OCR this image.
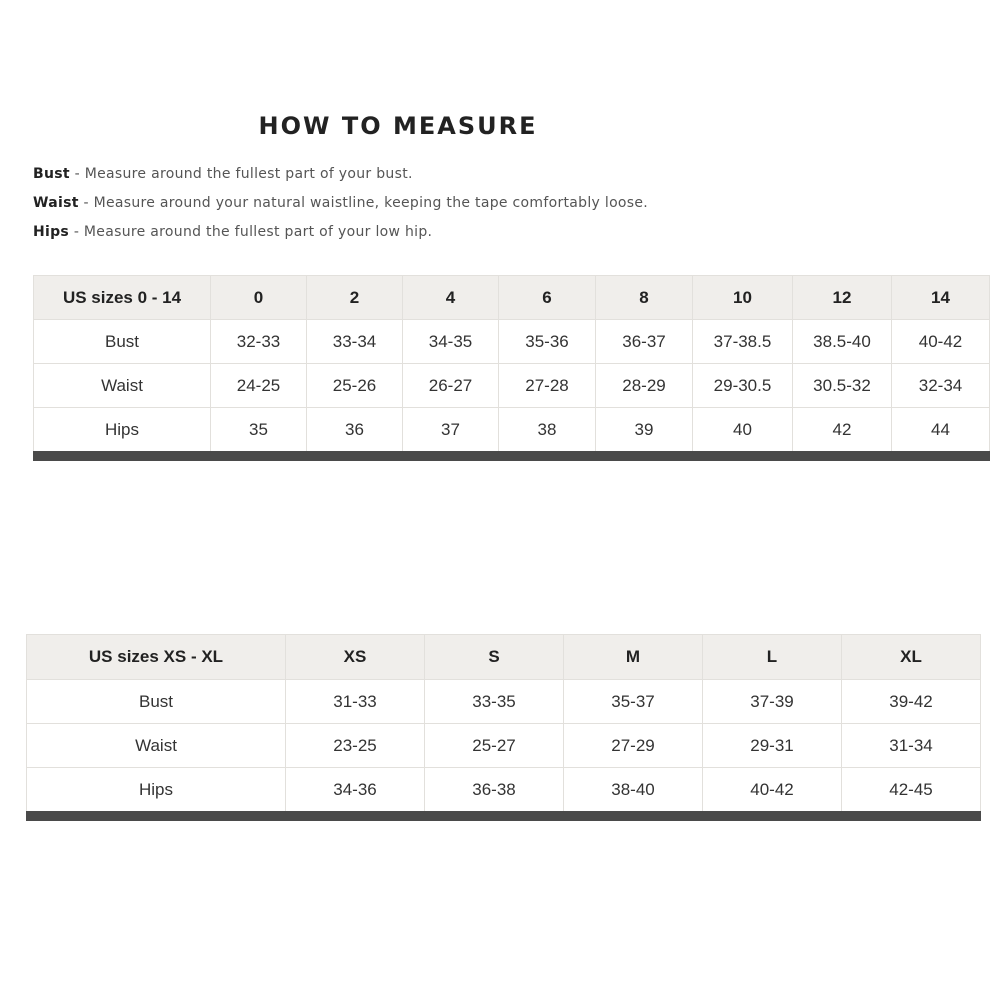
HOW TO MEASURE
Bust - Measure around the fullest part of your bust.
Waist - Measure around your natural waistline, keeping the tape comfortably loose.
Hips - Measure around the fullest part of your low hip.
US sizes 0 - 14	0	2	4	6	8	10	12	14
Bust	32-33	33-34	34-35	35-36	36-37	37-38.5	38.5-40	40-42
Waist	24-25	25-26	26-27	27-28	28-29	29-30.5	30.5-32	32-34
Hips	35	36	37	38	39	40	42	44
US sizes XS - XL	XS	S	M	L	XL
Bust	31-33	33-35	35-37	37-39	39-42
Waist	23-25	25-27	27-29	29-31	31-34
Hips	34-36	36-38	38-40	40-42	42-45
